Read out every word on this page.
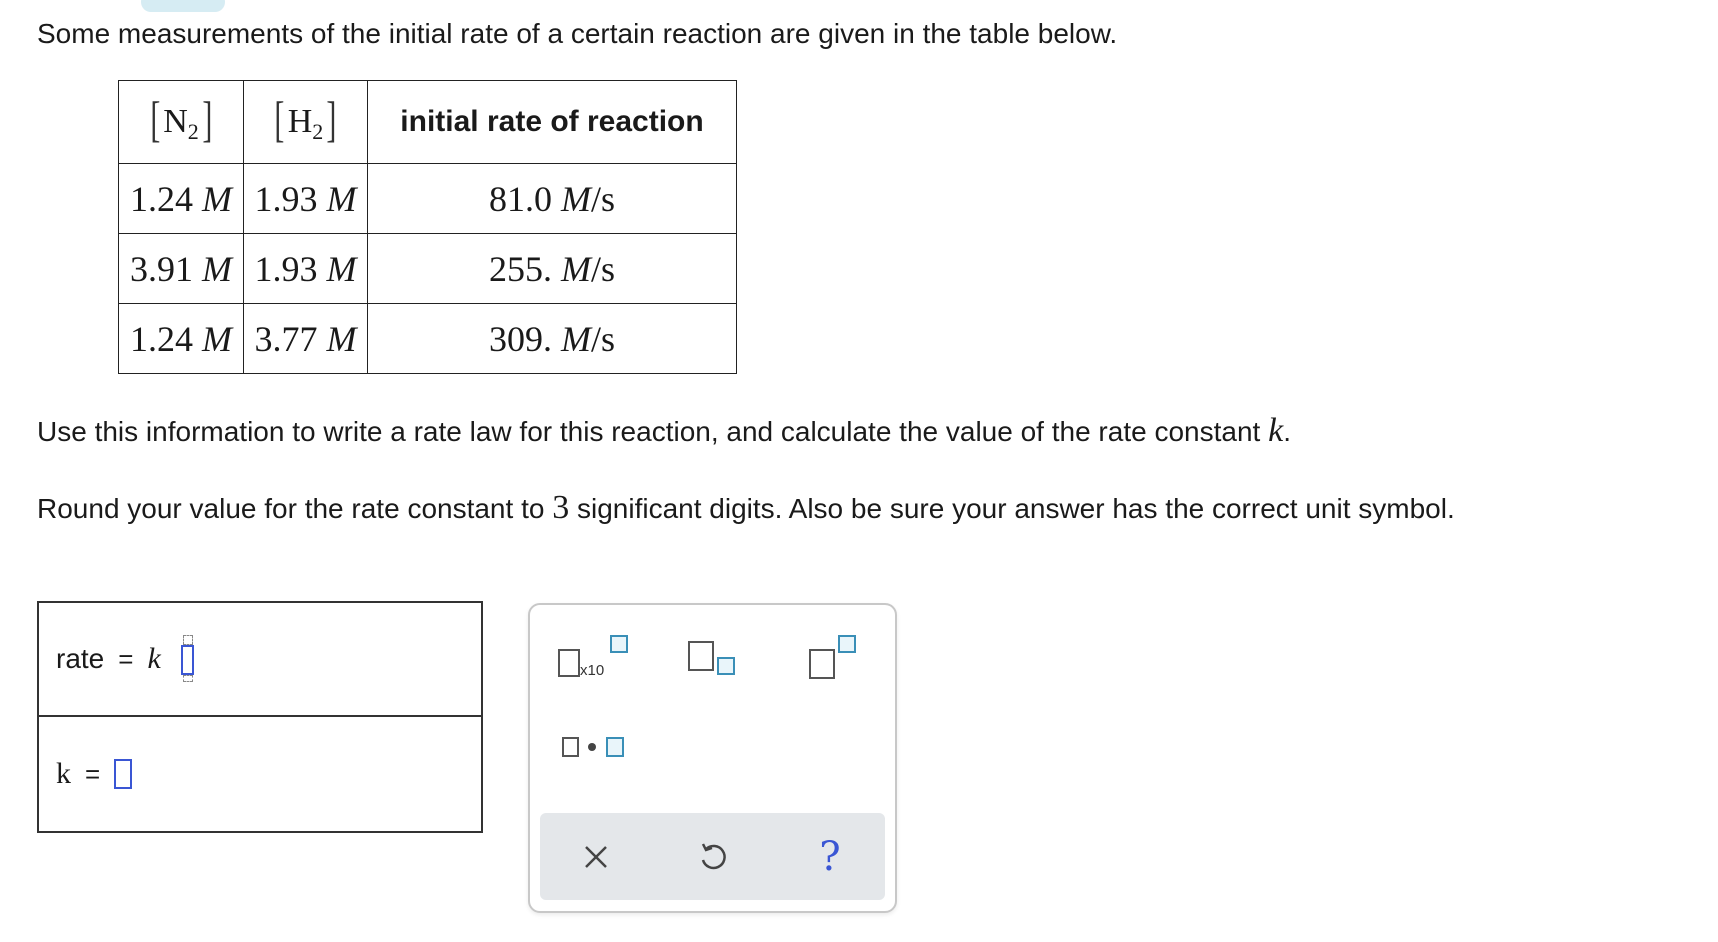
Some measurements of the initial rate of a certain reaction are given in the table below.
[ N 2 ]	[ H 2 ]	initial rate of reaction
1.24 M	1.93 M	81.0 M/s
3.91 M	1.93 M	255. M/s
1.24 M	3.77 M	309. M/s
Use this information to write a rate law for this reaction, and calculate the value of the rate constant k.
Round your value for the rate constant to 3 significant digits. Also be sure your answer has the correct unit symbol.
rate = k
k =
x10
?
